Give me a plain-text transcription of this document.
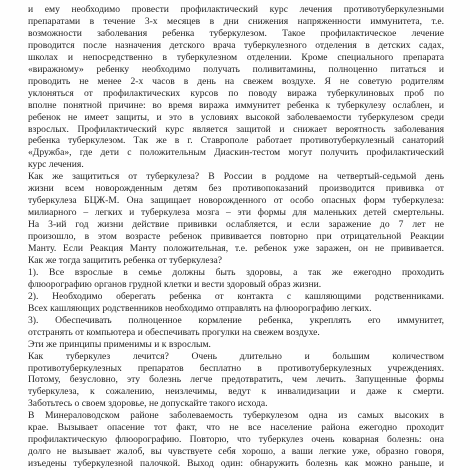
и ему необходимо провести профилактический курс лечения противотуберкулезными
препаратами в течение 3-х месяцев в дни снижения напряженности иммунитета, т.е.
возможности заболевания ребенка туберкулезом. Такое профилактическое лечение
проводится после назначения детского врача туберкулезного отделения в детских садах,
школах и непосредственно в туберкулезном отделении. Кроме специального препарата
«виражному» ребенку необходимо получать поливитамины, полноценно питаться и
проводить не менее 2-х часов в день на свежем воздухе. Я не советую родителям
уклоняться от профилактических курсов по поводу виража туберкулиновых проб по
вполне понятной причине: во время виража иммунитет ребенка к туберкулезу ослаблен, и
ребенок не имеет защиты, и это в условиях высокой заболеваемости туберкулезом среди
взрослых. Профилактический курс является защитой и снижает вероятность заболевания
ребенка туберкулезом. Так же в г. Ставрополе работает противотуберкулезный санаторий
«Дружба», где дети с положительным Диаскин-тестом могут получить профилактический
курс лечения.
Как же защититься от туберкулеза? В России в роддоме на четвертый-седьмой день
жизни всем новорожденным детям без противопоказаний производится прививка от
туберкулеза БЦЖ-М. Она защищает новорожденного от особо опасных форм туберкулеза:
милиарного – легких и туберкулеза мозга – эти формы для маленьких детей смертельны.
На 3-ий год жизни действие прививки ослабляется, и если заражение до 7 лет не
произошло, в этом возрасте ребенок прививается повторно при отрицательной Реакции
Манту. Если Реакция Манту положительная, т.е. ребенок уже заражен, он не прививается.
Как же тогда защитить ребенка от туберкулеза?
1). Все взрослые в семье должны быть здоровы, а так же ежегодно проходить
флюорографию органов грудной клетки и вести здоровый образ жизни.
2). Необходимо оберегать ребенка от контакта с кашляющими родственниками.
Всех кашляющих родственников необходимо отправлять на флюорографию легких.
3). Обеспечивать полноценное кормление ребенка, укреплять его иммунитет,
отстранять от компьютера и обеспечивать прогулки на свежем воздухе.
Эти же принципы применимы и к взрослым.
Как туберкулез лечится? Очень длительно и большим количеством
противотуберкулезных препаратов бесплатно в противотуберкулезных учреждениях.
Потому, безусловно, эту болезнь легче предотвратить, чем лечить. Запущенные формы
туберкулеза, к сожалению, неизлечимы, ведут к инвалидизации и даже к смерти.
Заботьтесь о своем здоровье, не допускайте такого исхода.
В Минераловодском районе заболеваемость туберкулезом одна из самых высоких в
крае. Вызывает опасение тот факт, что не все население района ежегодно проходит
профилактическую флюорографию. Повторю, что туберкулез очень коварная болезнь: она
долго не вызывает жалоб, вы чувствуете себя хорошо, а ваши легкие уже, образно говоря,
изъедены туберкулезной палочкой. Выход один: обнаружить болезнь как можно раньше, и
